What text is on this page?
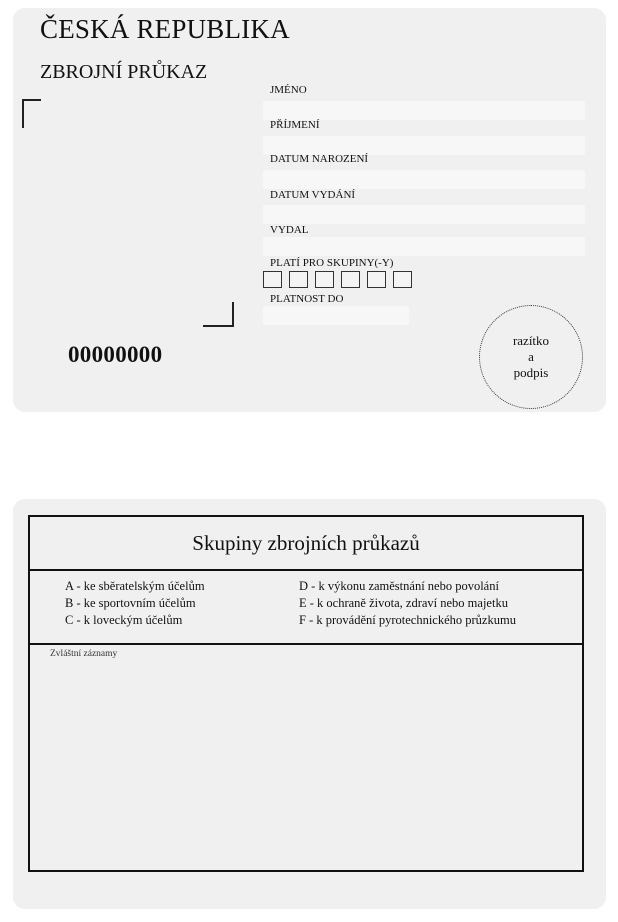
ČESKÁ REPUBLIKA
ZBROJNÍ PRŮKAZ
00000000
JMÉNO
PŘÍJMENÍ
DATUM NAROZENÍ
DATUM VYDÁNÍ
VYDAL
PLATÍ PRO SKUPINY(-Y)
PLATNOST DO
razítko
a
podpis
Skupiny zbrojních průkazů
A - ke sběratelským účelům
B - ke sportovním účelům
C - k loveckým účelům
D - k výkonu zaměstnání nebo povolání
E - k ochraně života, zdraví nebo majetku
F - k provádění pyrotechnického průzkumu
Zvláštní záznamy
